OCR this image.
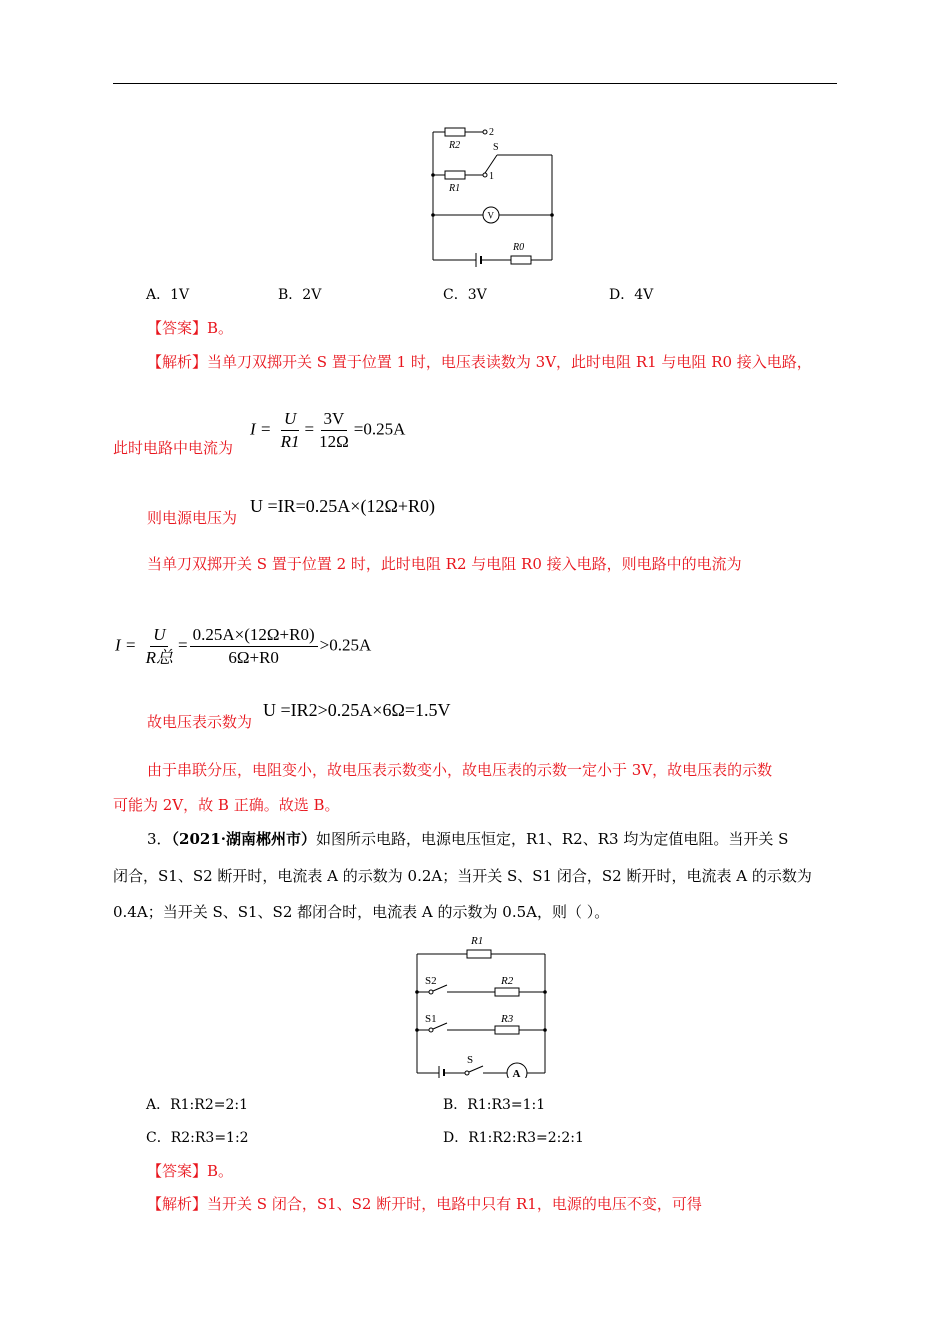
R2
R1
R0
S
2
1
V
A．1V	B．2V	C．3V	D．4V
【答案】B。
【解析】当单刀双掷开关 S 置于位置 1 时，电压表读数为 3V，此时电阻 R1 与电阻 R0 接入电路，
此时电路中电流为
$I = \frac{U}{R1} = \frac{3V}{12\Omega} =0.25A$
则电源电压为
U =IR=0.25A×(12Ω+R0)
当单刀双掷开关 S 置于位置 2 时，此时电阻 R2 与电阻 R0 接入电路，则电路中的电流为
$I = \frac{U}{\text{R总}} = \frac{0.25A\times(12\Omega+R0)}{6\Omega+R0} >0.25A$
故电压表示数为
U =IR2>0.25A×6Ω=1.5V
由于串联分压，电阻变小，故电压表示数变小，故电压表的示数一定小于 3V，故电压表的示数
可能为 2V，故 B 正确。故选 B。
3．（2021·湖南郴州市）如图所示电路，电源电压恒定，R1、R2、R3 均为定值电阻。当开关 S
闭合，S1、S2 断开时，电流表 A 的示数为 0.2A；当开关 S、S1 闭合，S2 断开时，电流表 A 的示数为
0.4A；当开关 S、S1、S2 都闭合时，电流表 A 的示数为 0.5A，则（ ）。
R1
R2
R3
S2
S1
S
A
A．R1:R2=2:1	B．R1:R3=1:1
C．R2:R3=1:2	D．R1:R2:R3=2:2:1
【答案】B。
【解析】当开关 S 闭合，S1、S2 断开时，电路中只有 R1，电源的电压不变，可得
